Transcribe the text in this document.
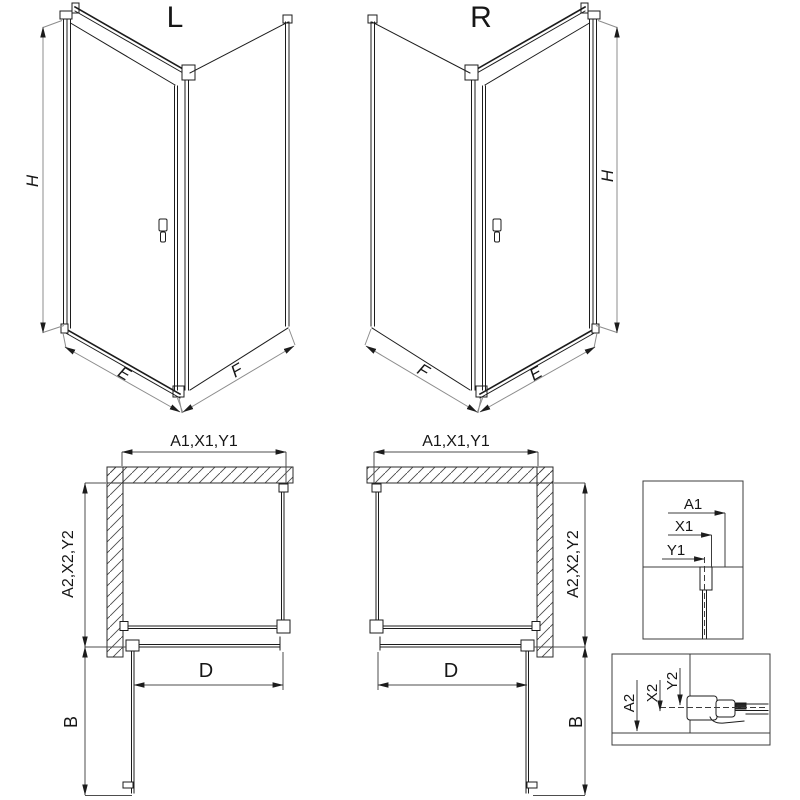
L
H
E	F
R
H
F	E
A1,X1,Y1
A2,X2,Y2
D
B
A1,X1,Y1
A2,X2,Y2
D
B
A1
X1
Y1
A2
X2
Y2
